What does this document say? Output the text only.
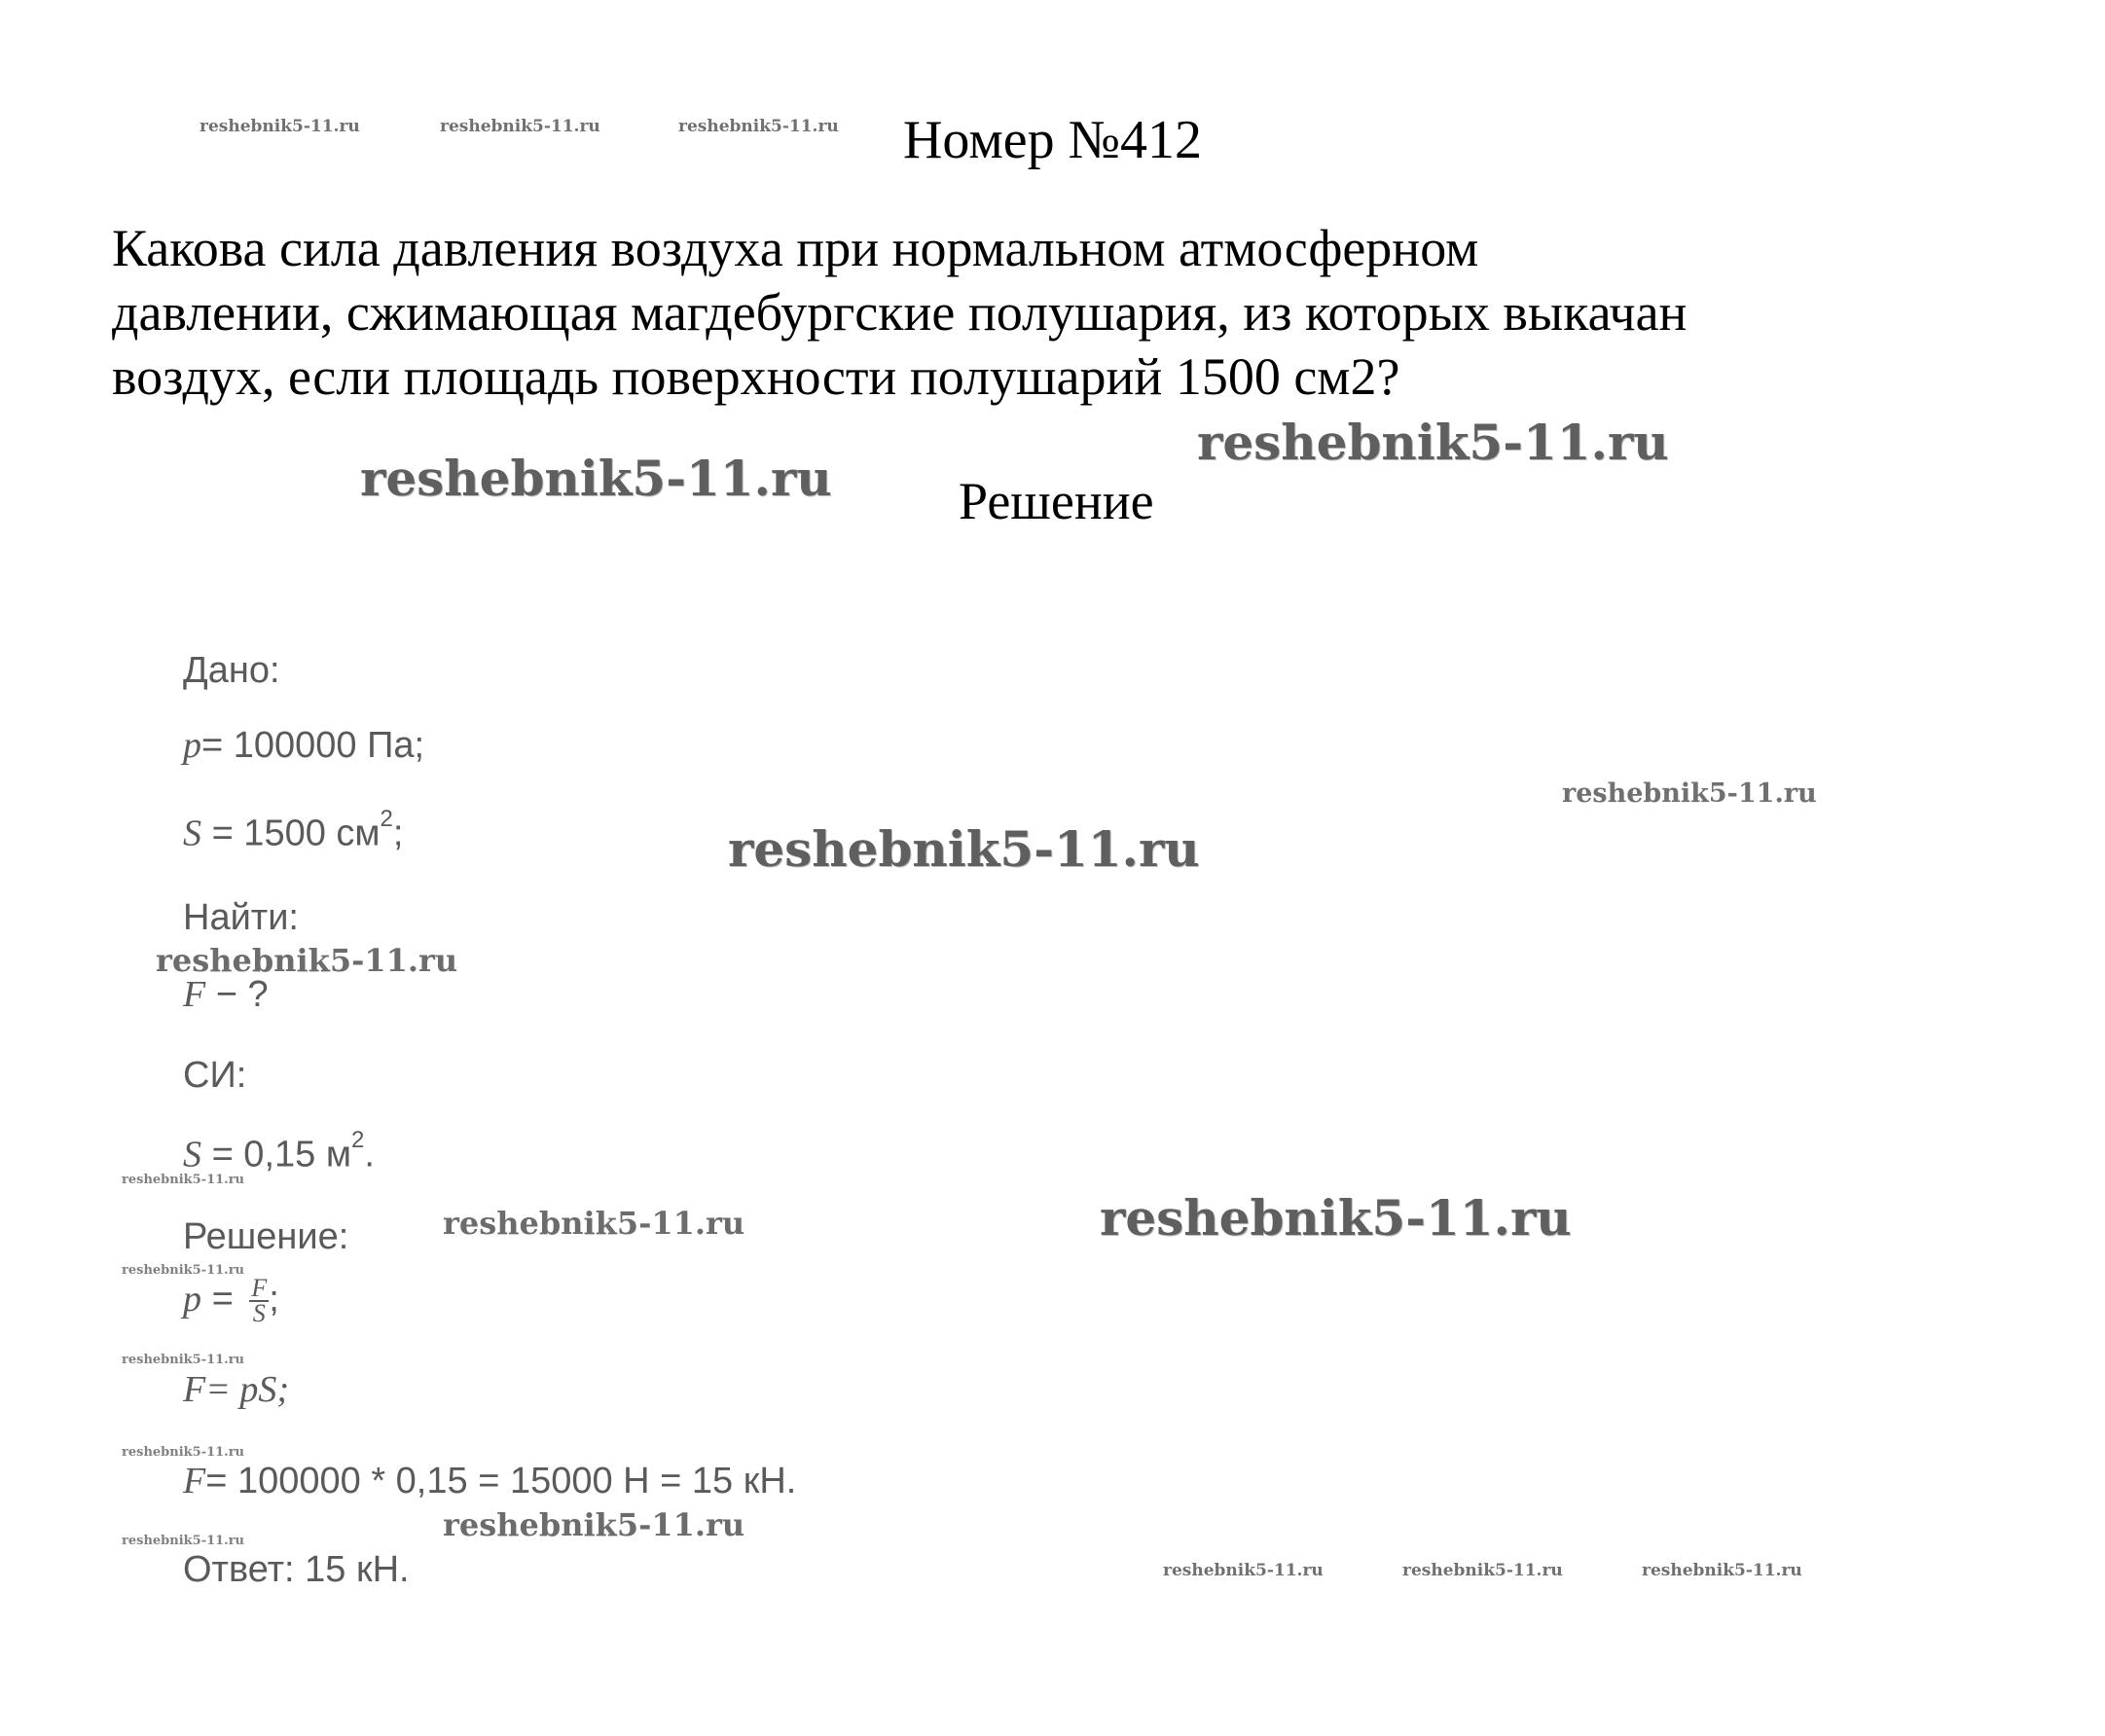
reshebnik5-11.ru	reshebnik5-11.ru	reshebnik5-11.ru	Номер №412
Какова сила давления воздуха при нормальном атмосферном
давлении, сжимающая магдебургские полушария, из которых выкачан
воздух, если площадь поверхности полушарий 1500 см2?
reshebnik5-11.ru
reshebnik5-11.ru
Решение
Дано:
p= 100000 Па;
S = 1500 $см^2$;
reshebnik5-11.ru
Найти:
F − ?
СИ:
S = 0,15 $м^2$.
reshebnik5-11.ru
Решение:
reshebnik5-11.ru
$p = \frac{F}{S}$ ;
reshebnik5-11.ru
F= pS;
reshebnik5-11.ru
F= 100000 * 0,15 = 15000 Н = 15 кН.
reshebnik5-11.ru
reshebnik5-11.ru
Ответ: 15 кН.
reshebnik5-11.ru
reshebnik5-11.ru
reshebnik5-11.ru	reshebnik5-11.ru
reshebnik5-11.ru	reshebnik5-11.ru	reshebnik5-11.ru
